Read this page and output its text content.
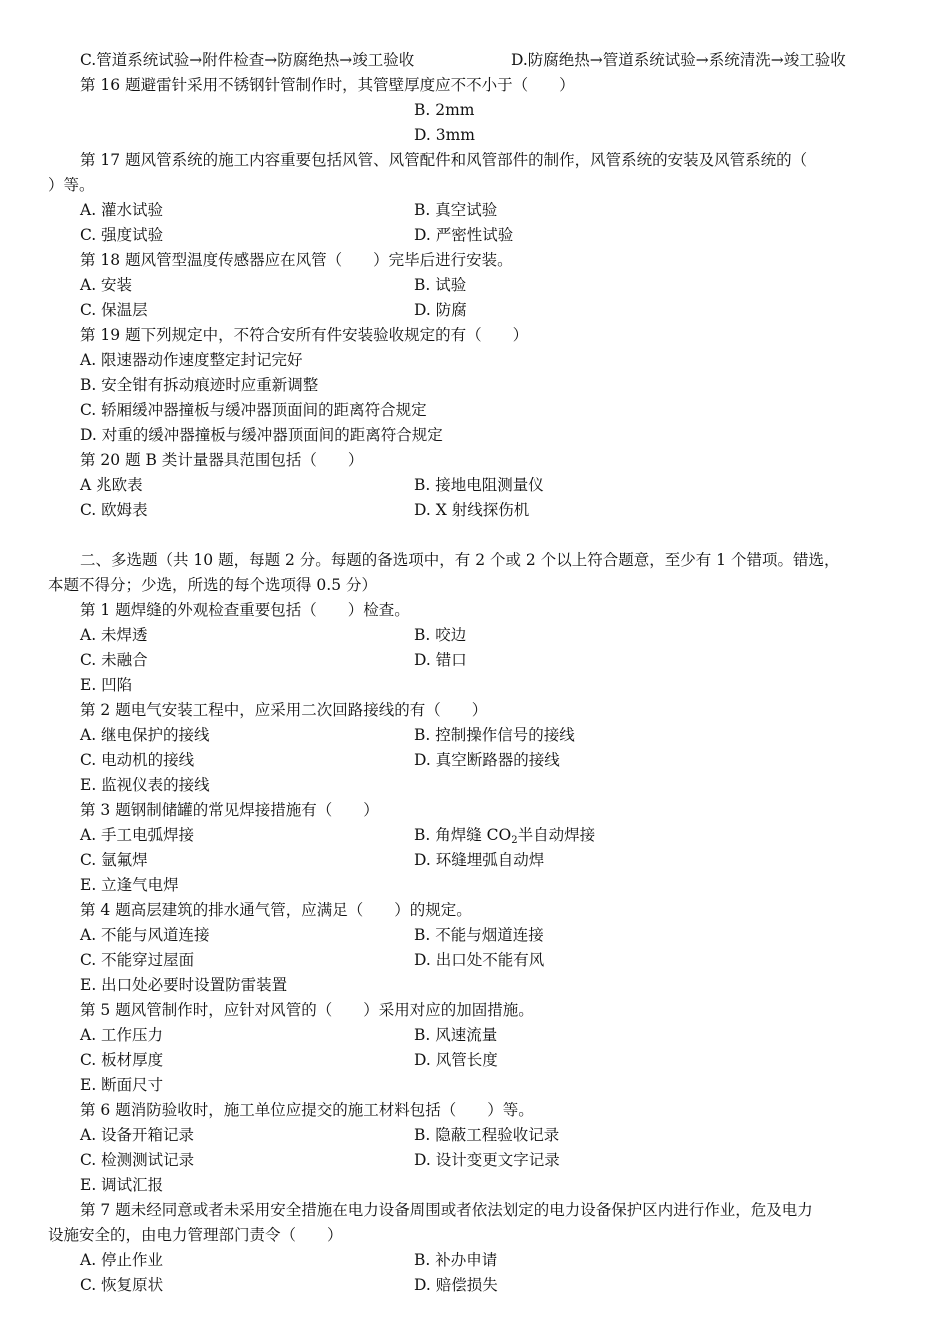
C.管道系统试验→附件检查→防腐绝热→竣工验收	D.防腐绝热→管道系统试验→系统清洗→竣工验收
第 16 题避雷针采用不锈钢针管制作时，其管壁厚度应不不小于（　　）
B. 2mm
D. 3mm
第 17 题风管系统的施工内容重要包括风管、风管配件和风管部件的制作，风管系统的安装及风管系统的（
）等。
A. 灌水试验	B. 真空试验
C. 强度试验	D. 严密性试验
第 18 题风管型温度传感器应在风管（　　）完毕后进行安装。
A. 安装	B. 试验
C. 保温层	D. 防腐
第 19 题下列规定中，不符合安所有件安装验收规定的有（　　）
A. 限速器动作速度整定封记完好
B. 安全钳有拆动痕迹时应重新调整
C. 轿厢缓冲器撞板与缓冲器顶面间的距离符合规定
D. 对重的缓冲器撞板与缓冲器顶面间的距离符合规定
第 20 题 B 类计量器具范围包括（　　）
A 兆欧表	B. 接地电阻测量仪
C. 欧姆表	D. X 射线探伤机
二、多选题（共 10 题，每题 2 分。每题的备选项中，有 2 个或 2 个以上符合题意，至少有 1 个错项。错选，
本题不得分；少选，所选的每个选项得 0.5 分）
第 1 题焊缝的外观检查重要包括（　　）检查。
A. 未焊透	B. 咬边
C. 未融合	D. 错口
E. 凹陷
第 2 题电气安装工程中，应采用二次回路接线的有（　　）
A. 继电保护的接线	B. 控制操作信号的接线
C. 电动机的接线	D. 真空断路器的接线
E. 监视仪表的接线
第 3 题钢制储罐的常见焊接措施有（　　）
A. 手工电弧焊接	B. 角焊缝 $CO_2$半自动焊接
C. 氩氟焊	D. 环缝埋弧自动焊
E. 立逢气电焊
第 4 题高层建筑的排水通气管，应满足（　　）的规定。
A. 不能与风道连接	B. 不能与烟道连接
C. 不能穿过屋面	D. 出口处不能有风
E. 出口处必要时设置防雷装置
第 5 题风管制作时，应针对风管的（　　）采用对应的加固措施。
A. 工作压力	B. 风速流量
C. 板材厚度	D. 风管长度
E. 断面尺寸
第 6 题消防验收时，施工单位应提交的施工材料包括（　　）等。
A. 设备开箱记录	B. 隐蔽工程验收记录
C. 检测测试记录	D. 设计变更文字记录
E. 调试汇报
第 7 题未经同意或者未采用安全措施在电力设备周围或者依法划定的电力设备保护区内进行作业，危及电力
设施安全的，由电力管理部门责令（　　）
A. 停止作业	B. 补办申请
C. 恢复原状	D. 赔偿损失
